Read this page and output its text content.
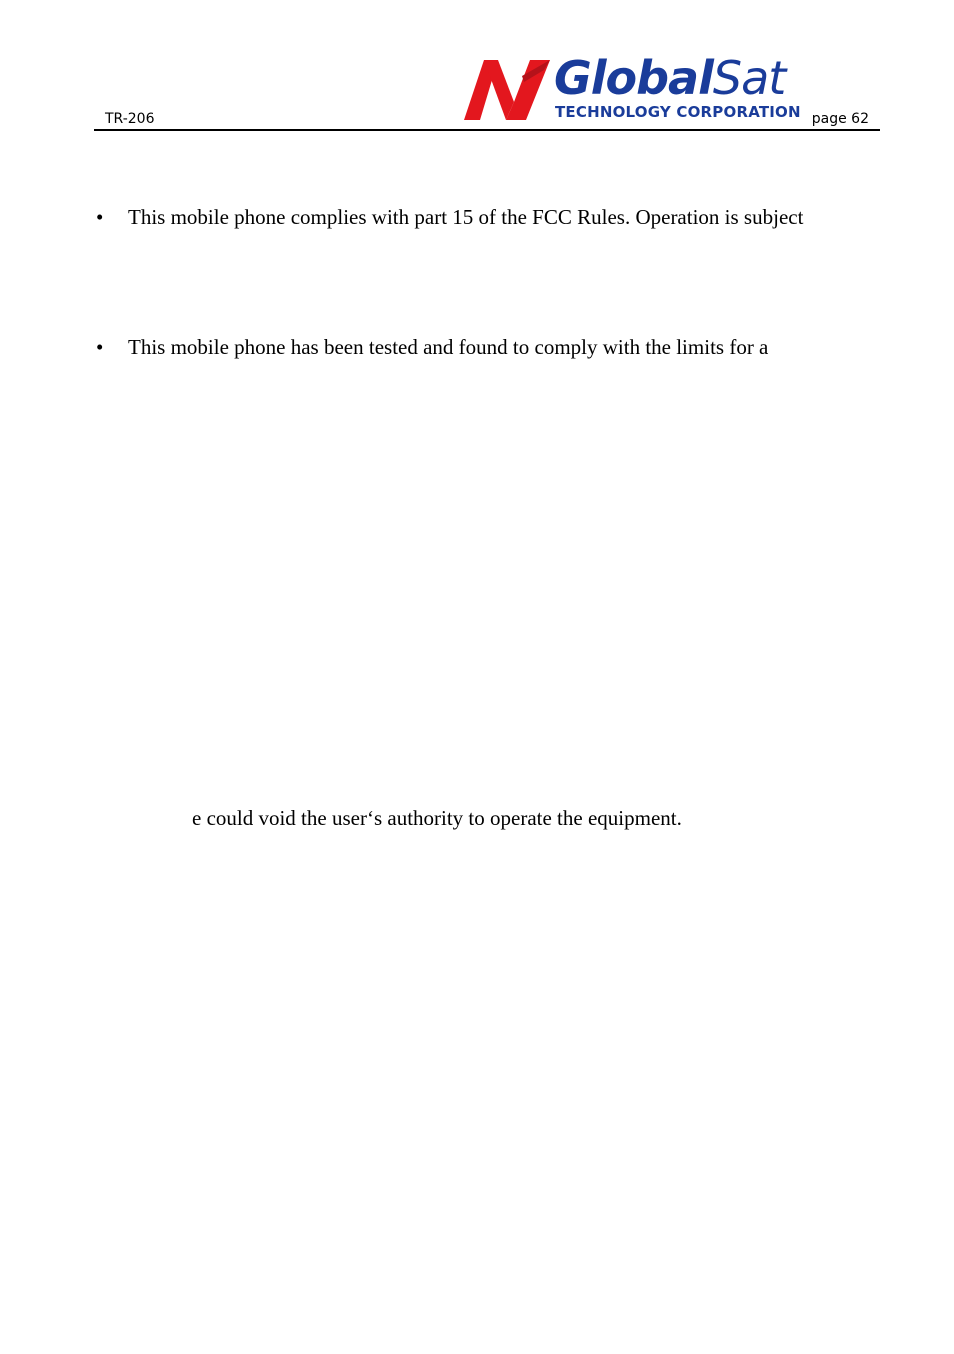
TR-206
GlobalSat
TECHNOLOGY CORPORATION page 62
• This mobile phone complies with part 15 of the FCC Rules. Operation is subject
• This mobile phone has been tested and found to comply with the limits for a
e could void the user‘s authority to operate the equipment.
